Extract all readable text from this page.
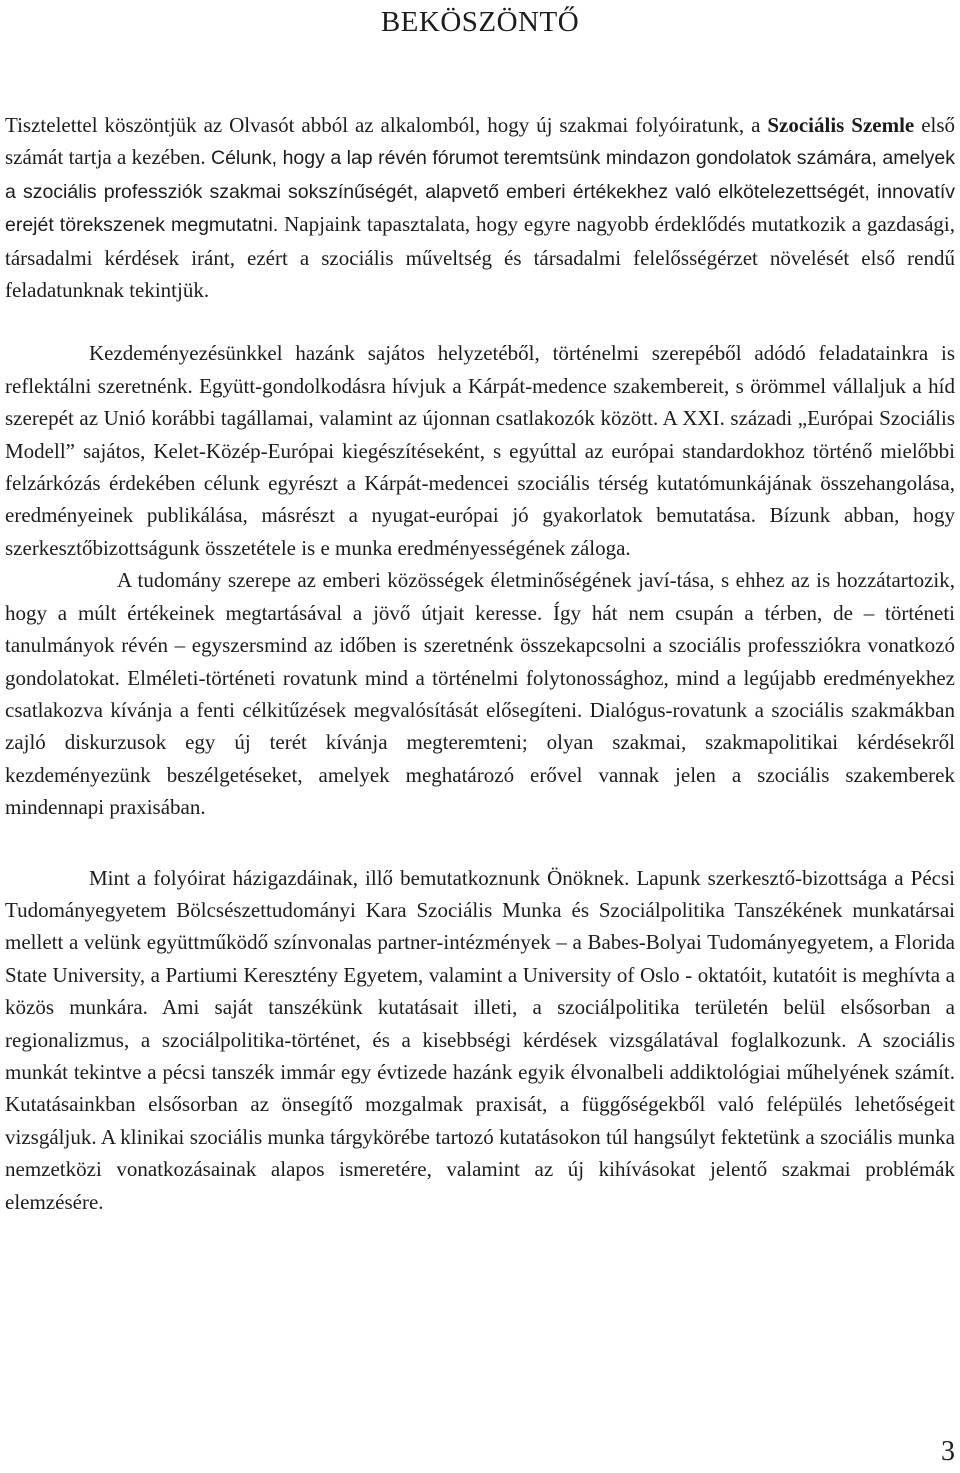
BEKÖSZÖNTŐ

Tisztelettel köszöntjük az Olvasót abból az alkalomból, hogy új szakmai folyóiratunk, a Szociális Szemle első számát tartja a kezében. Célunk, hogy a lap révén fórumot teremtsünk mindazon gondolatok számára, amelyek a szociális professziók szakmai sokszínűségét, alapvető emberi értékekhez való elkötelezettségét, innovatív erejét törekszenek megmutatni. Napjaink tapasztalata, hogy egyre nagyobb érdeklődés mutatkozik a gazdasági, társadalmi kérdések iránt, ezért a szociális műveltség és társadalmi felelősségérzet növelését első rendű feladatunknak tekintjük.

Kezdeményezésünkkel hazánk sajátos helyzetéből, történelmi szerepéből adódó feladatainkra is reflektálni szeretnénk. Együtt-gondolkodásra hívjuk a Kárpát-medence szakembereit, s örömmel vállaljuk a híd szerepét az Unió korábbi tagállamai, valamint az újonnan csatlakozók között. A XXI. századi „Európai Szociális Modell” sajátos, Kelet-Közép-Európai kiegészítéseként, s egyúttal az európai standardokhoz történő mielőbbi felzárkózás érdekében célunk egyrészt a Kárpát-medencei szociális térség kutatómunkájának összehangolása, eredményeinek publikálása, másrészt a nyugat-európai jó gyakorlatok bemutatása. Bízunk abban, hogy szerkesztőbizottságunk összetétele is e munka eredményességének záloga.

A tudomány szerepe az emberi közösségek életminőségének javí-tása, s ehhez az is hozzátartozik, hogy a múlt értékeinek megtartásával a jövő útjait keresse. Így hát nem csupán a térben, de – történeti tanulmányok révén – egyszersmind az időben is szeretnénk összekapcsolni a szociális professziókra vonatkozó gondolatokat. Elméleti-történeti rovatunk mind a történelmi folytonossághoz, mind a legújabb eredményekhez csatlakozva kívánja a fenti célkitűzések megvalósítását elősegíteni. Dialógus-rovatunk a szociális szakmákban zajló diskurzusok egy új terét kívánja megteremteni; olyan szakmai, szakmapolitikai kérdésekről kezdeményezünk beszélgetéseket, amelyek meghatározó erővel vannak jelen a szociális szakemberek mindennapi praxisában.

Mint a folyóirat házigazdáinak, illő bemutatkoznunk Önöknek. Lapunk szerkesztő-bizottsága a Pécsi Tudományegyetem Bölcsészettudományi Kara Szociális Munka és Szociálpolitika Tanszékének munkatársai mellett a velünk együttműködő színvonalas partner-intézmények – a Babes-Bolyai Tudományegyetem, a Florida State University, a Partiumi Keresztény Egyetem, valamint a University of Oslo - oktatóit, kutatóit is meghívta a közös munkára. Ami saját tanszékünk kutatásait illeti, a szociálpolitika területén belül elsősorban a regionalizmus, a szociálpolitika-történet, és a kisebbségi kérdések vizsgálatával foglalkozunk. A szociális munkát tekintve a pécsi tanszék immár egy évtizede hazánk egyik élvonalbeli addiktológiai műhelyének számít. Kutatásainkban elsősorban az önsegítő mozgalmak praxisát, a függőségekből való felépülés lehetőségeit vizsgáljuk. A klinikai szociális munka tárgykörébe tartozó kutatásokon túl hangsúlyt fektetünk a szociális munka nemzetközi vonatkozásainak alapos ismeretére, valamint az új kihívásokat jelentő szakmai problémák elemzésére.

3
